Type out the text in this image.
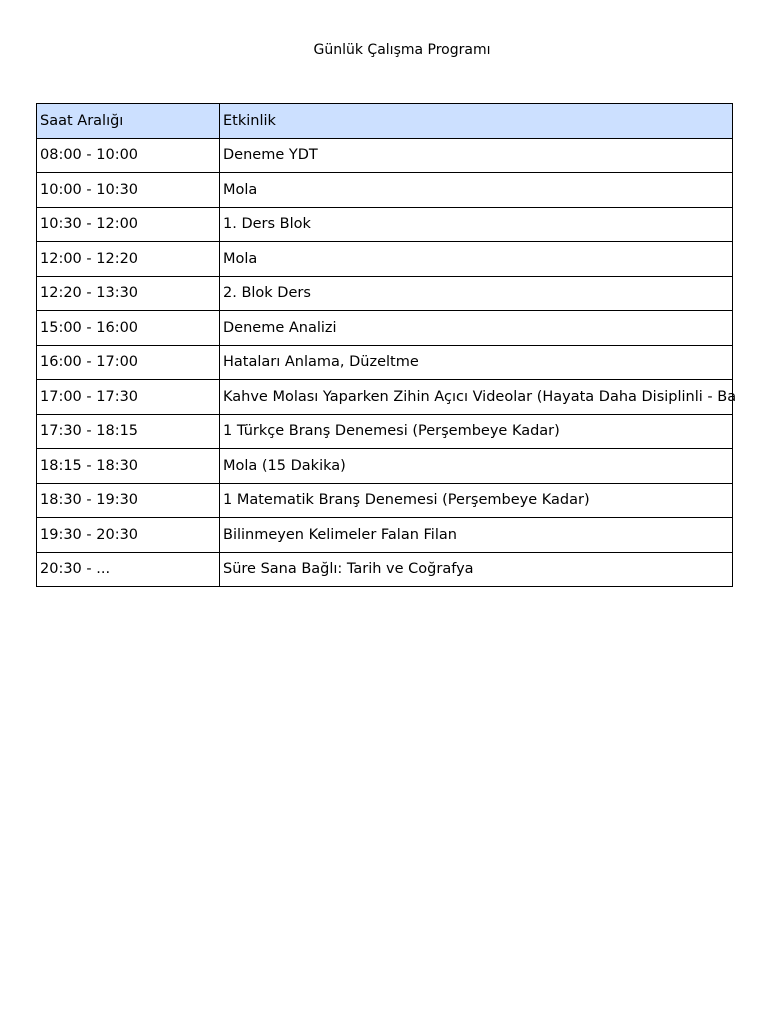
Günlük Çalışma Programı
Saat Aralığı	Etkinlik
08:00 - 10:00	Deneme YDT
10:00 - 10:30	Mola
10:30 - 12:00	1. Ders Blok
12:00 - 12:20	Mola
12:20 - 13:30	2. Blok Ders
15:00 - 16:00	Deneme Analizi
16:00 - 17:00	Hataları Anlama, Düzeltme
17:00 - 17:30	Kahve Molası Yaparken Zihin Açıcı Videolar (Hayata Daha Disiplinli - Ba
17:30 - 18:15	1 Türkçe Branş Denemesi (Perşembeye Kadar)
18:15 - 18:30	Mola (15 Dakika)
18:30 - 19:30	1 Matematik Branş Denemesi (Perşembeye Kadar)
19:30 - 20:30	Bilinmeyen Kelimeler Falan Filan
20:30 - ...	Süre Sana Bağlı: Tarih ve Coğrafya
